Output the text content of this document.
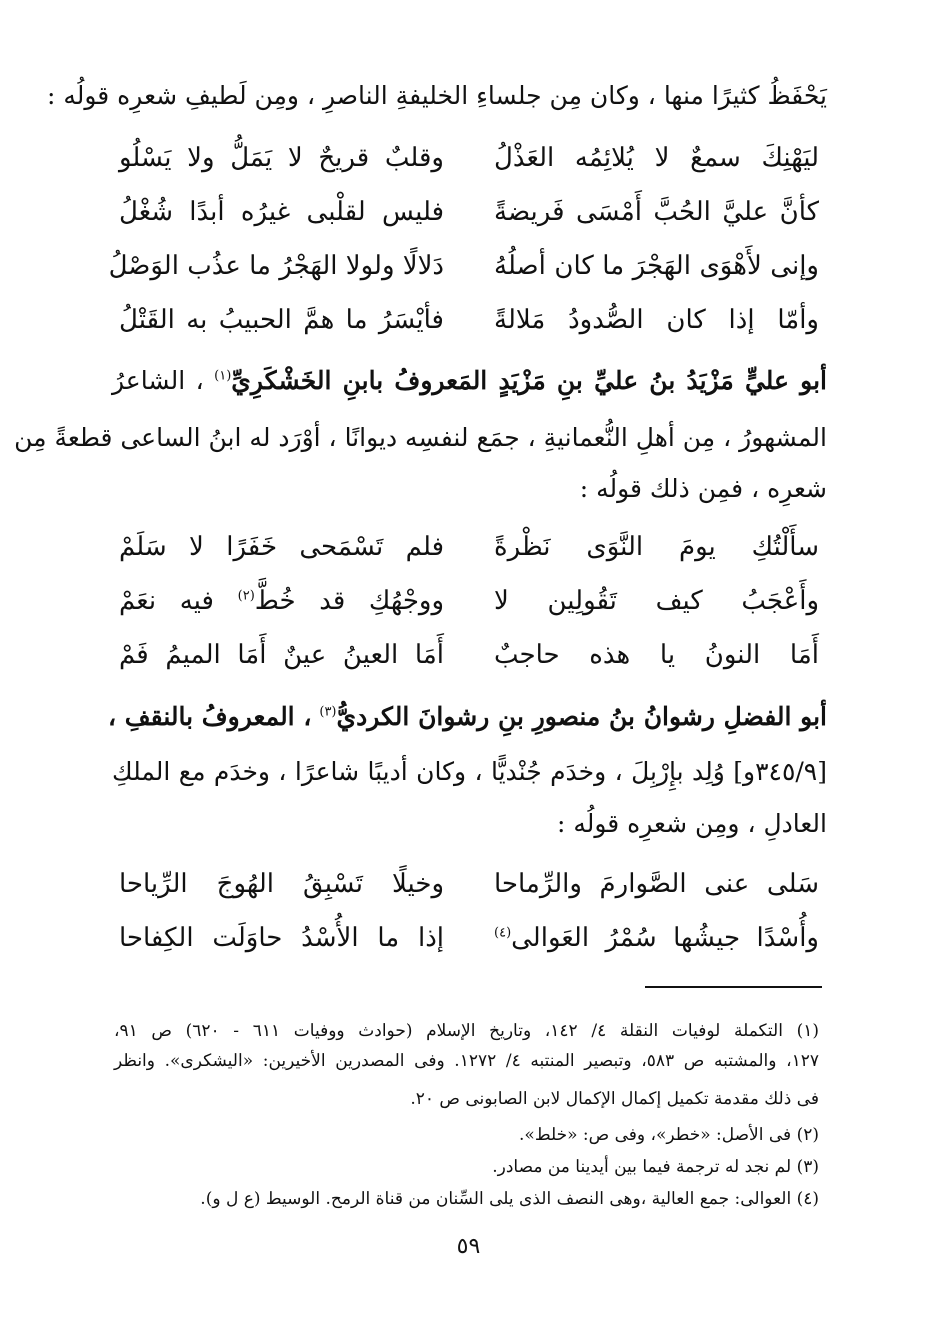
يَحْفَظُ كثيرًا منها ، وكان مِن جلساءِ الخليفةِ الناصرِ ، ومِن لَطيفِ شعرِه قولُه :
ليَهْنِكَ سمعٌ لا يُلائِمُه العَذْلُ
وقلبٌ قريحٌ لا يَمَلُّ ولا يَسْلُو
كأنَّ عليَّ الحُبَّ أَمْسَى فَريضةً
فليس لقلْبى غيرُه أبدًا شُغْلُ
وإنى لأَهْوَى الهَجْرَ ما كان أصلُهُ
دَلالًا ولولا الهَجْرُ ما عذُب الوَصْلُ
وأمّا إذا كان الصُّدودُ مَلالةً
فأيْسَرُ ما همَّ الحبيبُ به القَتْلُ
أبو عليٍّ مَزْيَدُ بنُ عليِّ بنِ مَزْيَدٍ المَعروفُ بابنِ الخَشْكَرِيِّ$^{(١)}$ ، الشاعرُ
المشهورُ ، مِن أهلِ النُّعمانيةِ ، جمَع لنفسِه ديوانًا ، أوْرَد له ابنُ الساعى قطعةً مِن
شعرِه ، فمِن ذلك قولُه :
سأَلْتُكِ يومَ النَّوَى نَظْرةً
فلم تَسْمَحى خَفَرًا لا سَلَمْ
وأَعْجَبُ كيف تَقُولِين لا
ووجْهُكِ قد خُطَّ$^{(٢)}$ فيه نعَمْ
أَمَا النونُ يا هذه حاجبٌ
أَمَا العينُ عينٌ أَمَا الميمُ فَمْ
أبو الفضلِ رشوانُ بنُ منصورِ بنِ رشوانَ الكرديُّ$^{(٣)}$ ، المعروفُ بالنقفِ ،
[٣٤٥/٩و] وُلِد بإِرْبِلَ ، وخدَم جُنْديًّا ، وكان أديبًا شاعرًا ، وخدَم مع الملكِ
العادلِ ، ومِن شعرِه قولُه :
سَلى عنى الصَّوارمَ والرِّماحا
وخيلًا تَسْبِقُ الهُوجَ الرِّياحا
وأُسْدًا جيشُها سُمْرُ العَوالى$^{(٤)}$
إذا ما الأُسْدُ حاوَلَت الكِفاحا
(١) التكملة لوفيات النقلة ٤/ ١٤٢، وتاريخ الإسلام (حوادث ووفيات ٦١١ - ٦٢٠) ص ٩١،
١٢٧، والمشتبه ص ٥٨٣، وتبصير المنتبه ٤/ ١٢٧٢. وفى المصدرين الأخيرين: «اليشكرى». وانظر
فى ذلك مقدمة تكميل إكمال الإكمال لابن الصابونى ص ٢٠.
(٢) فى الأصل: «خطر»، وفى ص: «خلط».
(٣) لم نجد له ترجمة فيما بين أيدينا من مصادر.
(٤) العوالى: جمع العالية ،وهى النصف الذى يلى السِّنان من قناة الرمح. الوسيط (ع ل و).
٥٩
